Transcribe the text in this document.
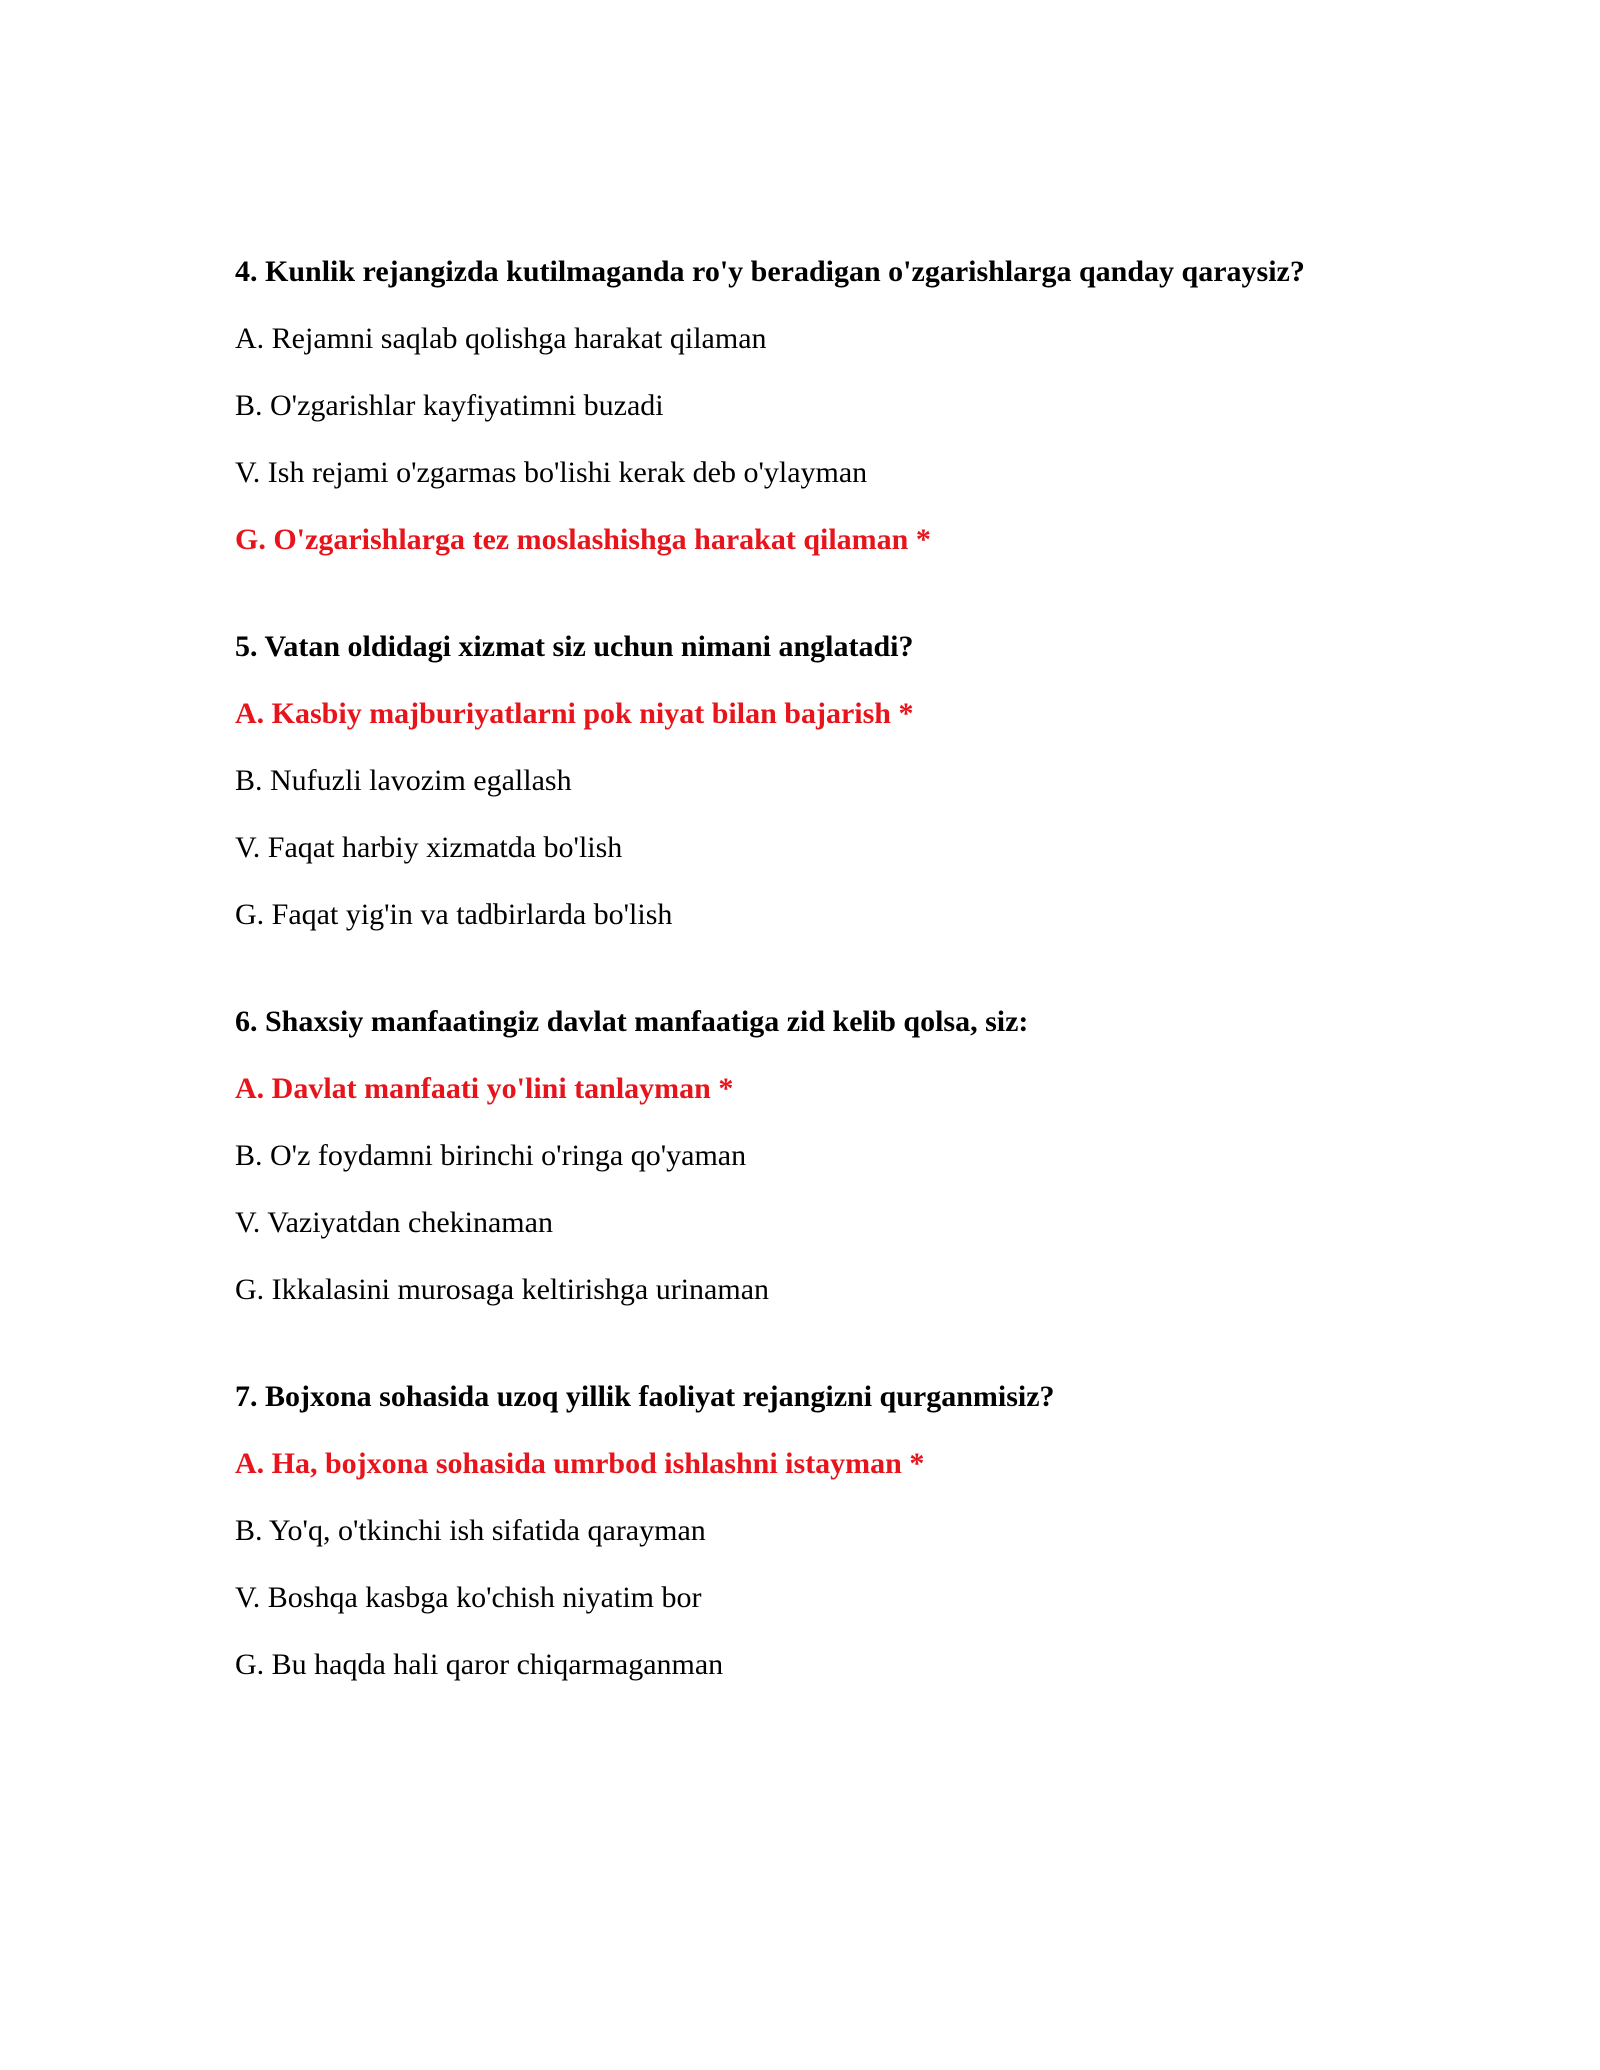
4. Kunlik rejangizda kutilmaganda ro'y beradigan o'zgarishlarga qanday qaraysiz?
A. Rejamni saqlab qolishga harakat qilaman
B. O'zgarishlar kayfiyatimni buzadi
V. Ish rejami o'zgarmas bo'lishi kerak deb o'ylayman
G. O'zgarishlarga tez moslashishga harakat qilaman *
5. Vatan oldidagi xizmat siz uchun nimani anglatadi?
A. Kasbiy majburiyatlarni pok niyat bilan bajarish *
B. Nufuzli lavozim egallash
V. Faqat harbiy xizmatda bo'lish
G. Faqat yig'in va tadbirlarda bo'lish
6. Shaxsiy manfaatingiz davlat manfaatiga zid kelib qolsa, siz:
A. Davlat manfaati yo'lini tanlayman *
B. O'z foydamni birinchi o'ringa qo'yaman
V. Vaziyatdan chekinaman
G. Ikkalasini murosaga keltirishga urinaman
7. Bojxona sohasida uzoq yillik faoliyat rejangizni qurganmisiz?
A. Ha, bojxona sohasida umrbod ishlashni istayman *
B. Yo'q, o'tkinchi ish sifatida qarayman
V. Boshqa kasbga ko'chish niyatim bor
G. Bu haqda hali qaror chiqarmaganman
